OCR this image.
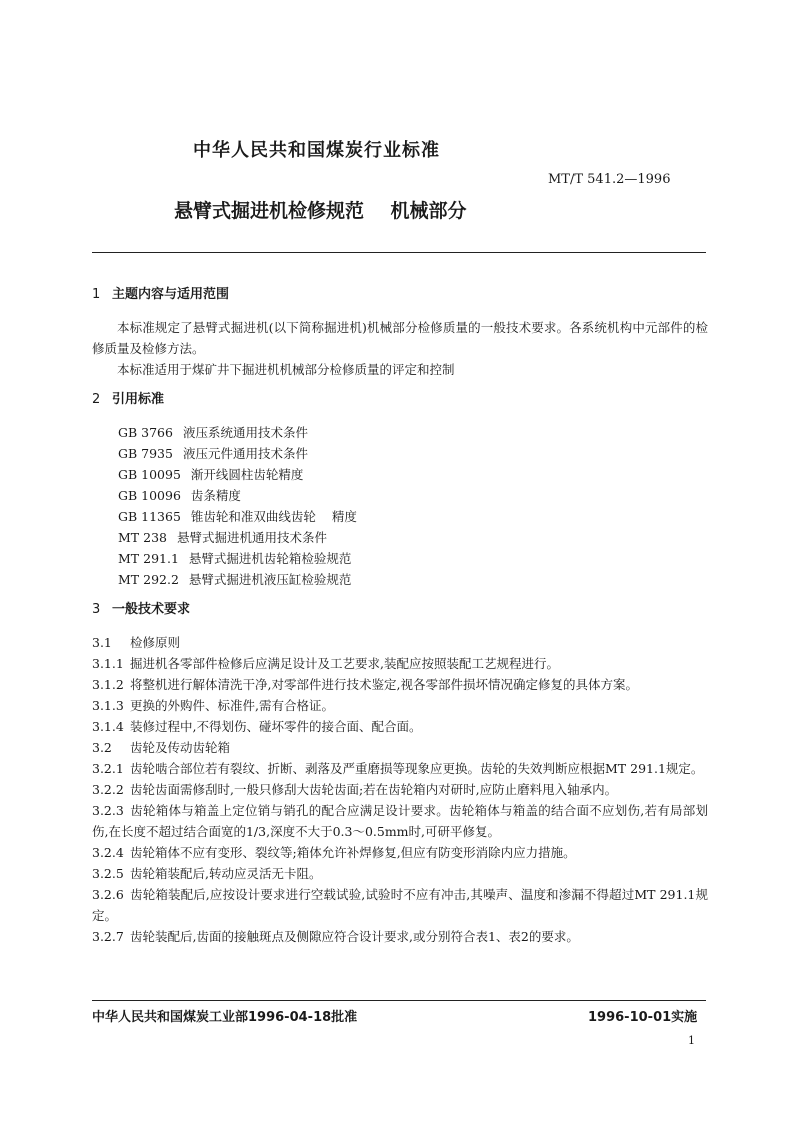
中华人民共和国煤炭行业标准
MT/T 541.2—1996
悬臂式掘进机检修规范    机械部分
1 主题内容与适用范围

本标准规定了悬臂式掘进机(以下简称掘进机)机械部分检修质量的一般技术要求。各系统机构中元部件的检修质量及检修方法。

本标准适用于煤矿井下掘进机机械部分检修质量的评定和控制

2 引用标准
GB 3766 液压系统通用技术条件
GB 7935 液压元件通用技术条件
GB 10095 渐开线圆柱齿轮精度
GB 10096 齿条精度
GB 11365 锥齿轮和准双曲线齿轮    精度
MT 238 悬臂式掘进机通用技术条件
MT 291.1 悬臂式掘进机齿轮箱检验规范
MT 292.2 悬臂式掘进机液压缸检验规范
3 一般技术要求

3.1 检修原则

3.1.1 掘进机各零部件检修后应满足设计及工艺要求,装配应按照装配工艺规程进行。

3.1.2 将整机进行解体清洗干净,对零部件进行技术鉴定,视各零部件损坏情况确定修复的具体方案。

3.1.3 更换的外购件、标准件,需有合格证。

3.1.4 装修过程中,不得划伤、碰坏零件的接合面、配合面。

3.2 齿轮及传动齿轮箱

3.2.1 齿轮啮合部位若有裂纹、折断、剥落及严重磨损等现象应更换。齿轮的失效判断应根据MT 291.1规定。

3.2.2 齿轮齿面需修刮时,一般只修刮大齿轮齿面;若在齿轮箱内对研时,应防止磨料甩入轴承内。

3.2.3 齿轮箱体与箱盖上定位销与销孔的配合应满足设计要求。齿轮箱体与箱盖的结合面不应划伤,若有局部划伤,在长度不超过结合面宽的1/3,深度不大于0.3～0.5mm时,可研平修复。

3.2.4 齿轮箱体不应有变形、裂纹等;箱体允许补焊修复,但应有防变形消除内应力措施。

3.2.5 齿轮箱装配后,转动应灵活无卡阻。

3.2.6 齿轮箱装配后,应按设计要求进行空载试验,试验时不应有冲击,其噪声、温度和渗漏不得超过MT 291.1规定。

3.2.7 齿轮装配后,齿面的接触斑点及侧隙应符合设计要求,或分别符合表1、表2的要求。

中华人民共和国煤炭工业部1996-04-18批准	1996-10-01实施
1
